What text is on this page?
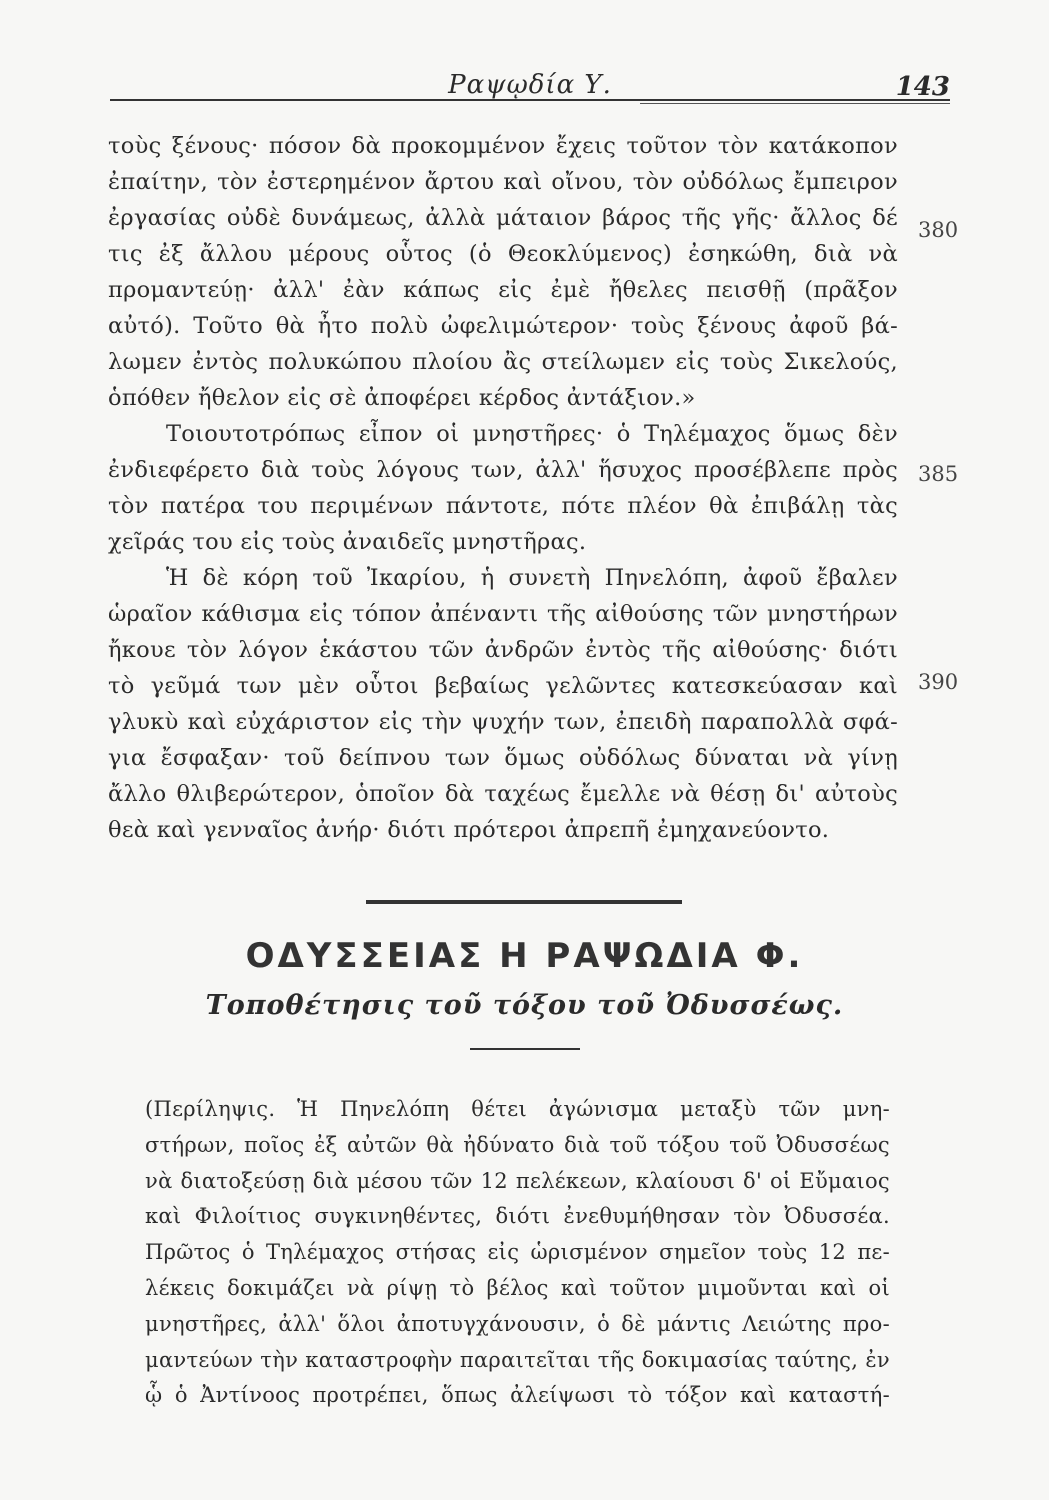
Ραψῳδία Υ.	143
τοὺς ξένους· πόσον δὰ προκομμένον ἔχεις τοῦτον τὸν κατάκοπον
ἐπαίτην, τὸν ἐστερημένον ἄρτου καὶ οἴνου, τὸν οὐδόλως ἔμπειρον
ἐργασίας οὐδὲ δυνάμεως, ἀλλὰ μάταιον βάρος τῆς γῆς· ἄλλος δέ
τις ἐξ ἄλλου μέρους οὗτος (ὁ Θεοκλύμενος) ἐσηκώθη, διὰ νὰ
προμαντεύῃ· ἀλλ' ἐὰν κάπως εἰς ἐμὲ ἤθελες πεισθῇ (πρᾶξον
αὐτό). Τοῦτο θὰ ἦτο πολὺ ὠφελιμώτερον· τοὺς ξένους ἀφοῦ βά-
λωμεν ἐντὸς πολυκώπου πλοίου ἂς στείλωμεν εἰς τοὺς Σικελούς,
ὁπόθεν ἤθελον εἰς σὲ ἀποφέρει κέρδος ἀντάξιον.»
Τοιουτοτρόπως εἶπον οἱ μνηστῆρες· ὁ Τηλέμαχος ὅμως δὲν
ἐνδιεφέρετο διὰ τοὺς λόγους των, ἀλλ' ἥσυχος προσέβλεπε πρὸς
τὸν πατέρα του περιμένων πάντοτε, πότε πλέον θὰ ἐπιβάλῃ τὰς
χεῖράς του εἰς τοὺς ἀναιδεῖς μνηστῆρας.
Ἡ δὲ κόρη τοῦ Ἰκαρίου, ἡ συνετὴ Πηνελόπη, ἀφοῦ ἔβαλεν
ὡραῖον κάθισμα εἰς τόπον ἀπέναντι τῆς αἰθούσης τῶν μνηστήρων
ἤκουε τὸν λόγον ἑκάστου τῶν ἀνδρῶν ἐντὸς τῆς αἰθούσης· διότι
τὸ γεῦμά των μὲν οὗτοι βεβαίως γελῶντες κατεσκεύασαν καὶ
γλυκὺ καὶ εὐχάριστον εἰς τὴν ψυχήν των, ἐπειδὴ παραπολλὰ σφά-
για ἔσφαξαν· τοῦ δείπνου των ὅμως οὐδόλως δύναται νὰ γίνῃ
ἄλλο θλιβερώτερον, ὁποῖον δὰ ταχέως ἔμελλε νὰ θέσῃ δι' αὐτοὺς
θεὰ καὶ γενναῖος ἀνήρ· διότι πρότεροι ἀπρεπῆ ἐμηχανεύοντο.
380
385
390
ΟΔΥΣΣΕΙΑΣ Η ΡΑΨΩΔΙΑ Φ.
Τοποθέτησις τοῦ τόξου τοῦ Ὀδυσσέως.
(Περίληψις. Ἡ Πηνελόπη θέτει ἀγώνισμα μεταξὺ τῶν μνη-
στήρων, ποῖος ἐξ αὐτῶν θὰ ἠδύνατο διὰ τοῦ τόξου τοῦ Ὀδυσσέως
νὰ διατοξεύσῃ διὰ μέσου τῶν 12 πελέκεων, κλαίουσι δ' οἱ Εὔμαιος
καὶ Φιλοίτιος συγκινηθέντες, διότι ἐνεθυμήθησαν τὸν Ὀδυσσέα.
Πρῶτος ὁ Τηλέμαχος στήσας εἰς ὡρισμένον σημεῖον τοὺς 12 πε-
λέκεις δοκιμάζει νὰ ρίψῃ τὸ βέλος καὶ τοῦτον μιμοῦνται καὶ οἱ
μνηστῆρες, ἀλλ' ὅλοι ἀποτυγχάνουσιν, ὁ δὲ μάντις Λειώτης προ-
μαντεύων τὴν καταστροφὴν παραιτεῖται τῆς δοκιμασίας ταύτης, ἐν
ᾧ ὁ Ἀντίνοος προτρέπει, ὅπως ἀλείψωσι τὸ τόξον καὶ καταστή-
